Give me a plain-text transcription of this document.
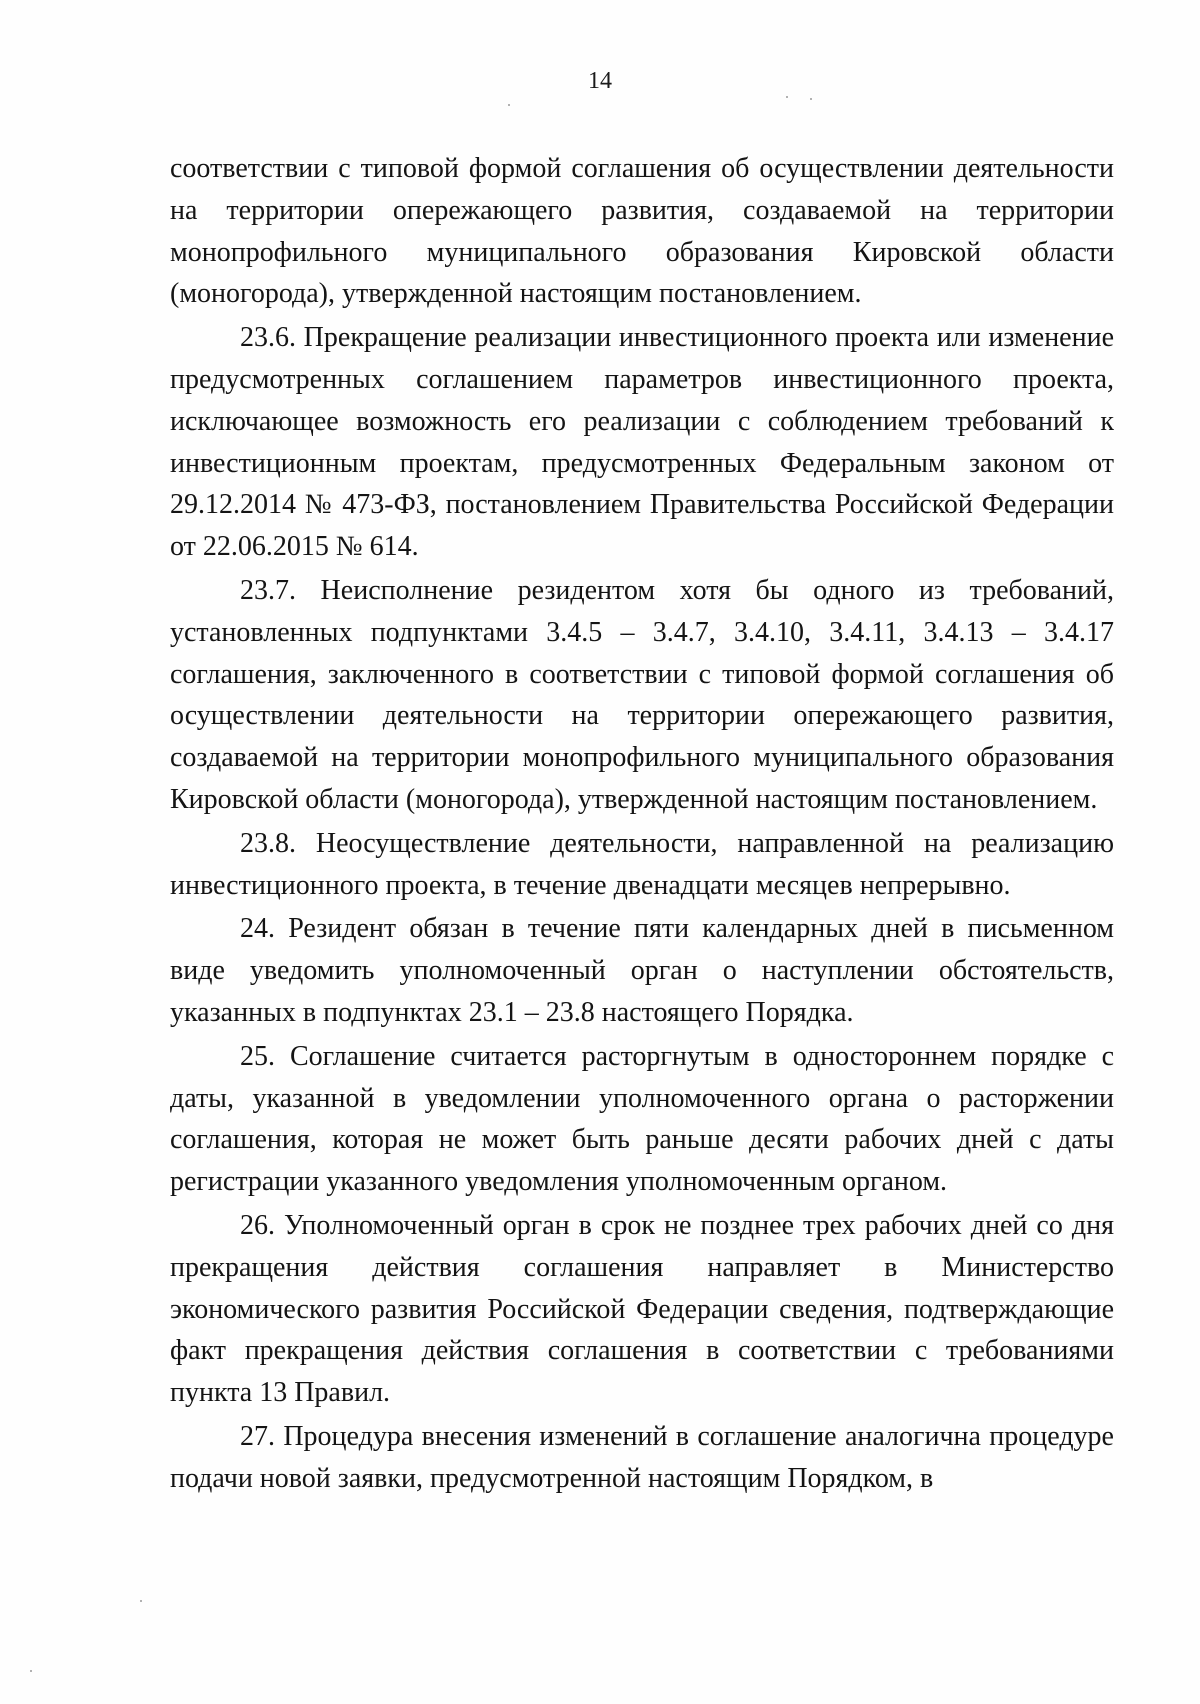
14

соответствии с типовой формой соглашения об осуществлении деятельности на территории опережающего развития, создаваемой на территории монопрофильного муниципального образования Кировской области (моногорода), утвержденной настоящим постановлением.

23.6. Прекращение реализации инвестиционного проекта или изменение предусмотренных соглашением параметров инвестиционного проекта, исключающее возможность его реализации с соблюдением требований к инвестиционным проектам, предусмотренных Федеральным законом от 29.12.2014 № 473-ФЗ, постановлением Правительства Российской Федерации от 22.06.2015 № 614.

23.7. Неисполнение резидентом хотя бы одного из требований, установленных подпунктами 3.4.5 – 3.4.7, 3.4.10, 3.4.11, 3.4.13 – 3.4.17 соглашения, заключенного в соответствии с типовой формой соглашения об осуществлении деятельности на территории опережающего развития, создаваемой на территории монопрофильного муниципального образования Кировской области (моногорода), утвержденной настоящим постановлением.

23.8. Неосуществление деятельности, направленной на реализацию инвестиционного проекта, в течение двенадцати месяцев непрерывно.

24. Резидент обязан в течение пяти календарных дней в письменном виде уведомить уполномоченный орган о наступлении обстоятельств, указанных в подпунктах 23.1 – 23.8 настоящего Порядка.

25. Соглашение считается расторгнутым в одностороннем порядке с даты, указанной в уведомлении уполномоченного органа о расторжении соглашения, которая не может быть раньше десяти рабочих дней с даты регистрации указанного уведомления уполномоченным органом.

26. Уполномоченный орган в срок не позднее трех рабочих дней со дня прекращения действия соглашения направляет в Министерство экономического развития Российской Федерации сведения, подтверждающие факт прекращения действия соглашения в соответствии с требованиями пункта 13 Правил.

27. Процедура внесения изменений в соглашение аналогична процедуре подачи новой заявки, предусмотренной настоящим Порядком, в
